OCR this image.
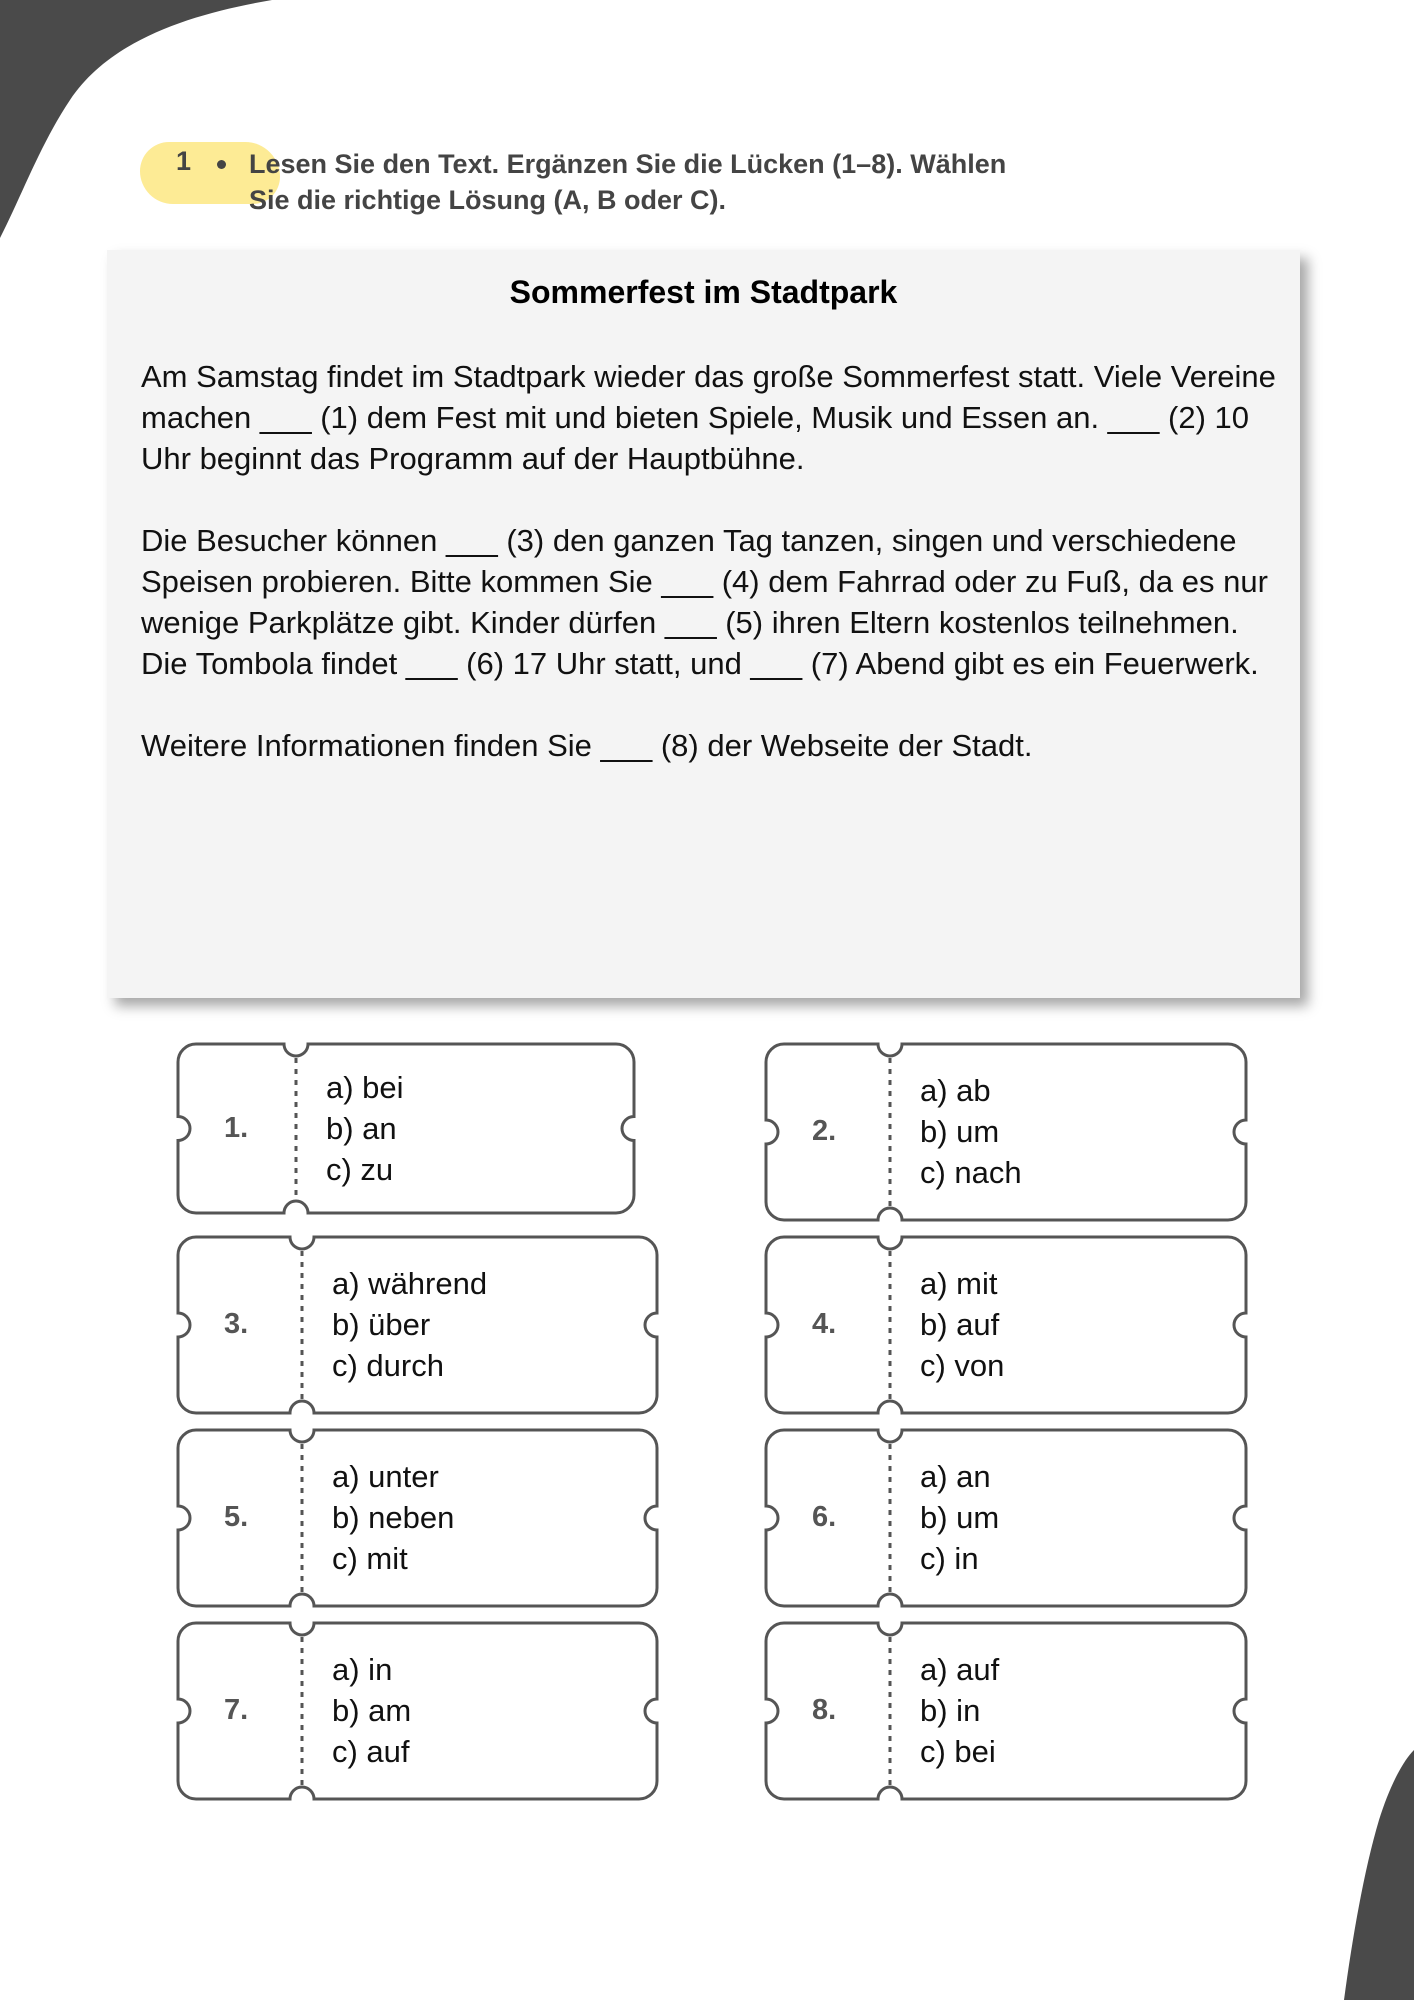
1 Lesen Sie den Text. Ergänzen Sie die Lücken (1–8). Wählen
Sie die richtige Lösung (A, B oder C).
Sommerfest im Stadtpark

Am Samstag findet im Stadtpark wieder das große Sommerfest statt. Viele Vereine machen ___ (1) dem Fest mit und bieten Spiele, Musik und Essen an. ___ (2) 10 Uhr beginnt das Programm auf der Hauptbühne.

Die Besucher können ___ (3) den ganzen Tag tanzen, singen und verschiedene Speisen probieren. Bitte kommen Sie ___ (4) dem Fahrrad oder zu Fuß, da es nur wenige Parkplätze gibt. Kinder dürfen ___ (5) ihren Eltern kostenlos teilnehmen. Die Tombola findet ___ (6) 17 Uhr statt, und ___ (7) Abend gibt es ein Feuerwerk.

Weitere Informationen finden Sie ___ (8) der Webseite der Stadt.

1.
a) bei
b) an
c) zu
2.
a) ab
b) um
c) nach
3.
a) während
b) über
c) durch
4.
a) mit
b) auf
c) von
5.
a) unter
b) neben
c) mit
6.
a) an
b) um
c) in
7.
a) in
b) am
c) auf
8.
a) auf
b) in
c) bei
